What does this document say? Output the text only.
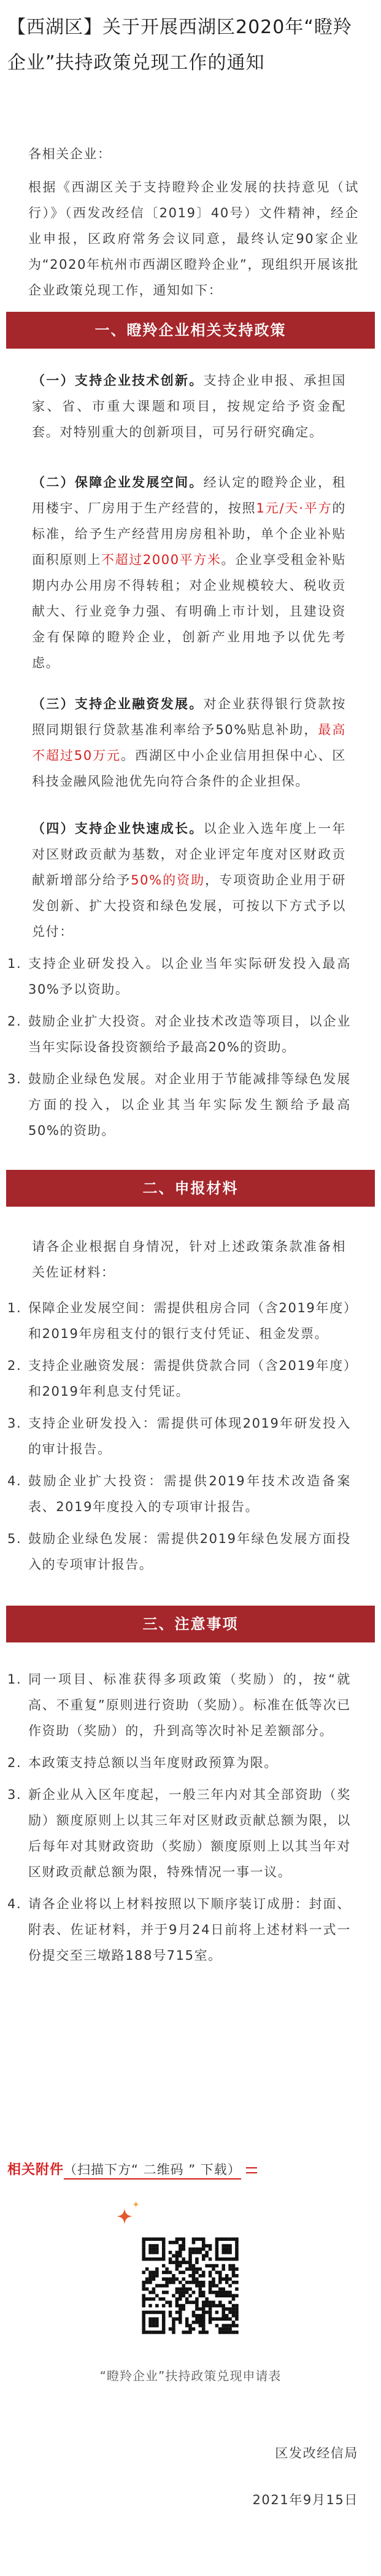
【西湖区】关于开展西湖区2020年“瞪羚企业”扶持政策兑现工作的通知
各相关企业：

根据《西湖区关于支持瞪羚企业发展的扶持意见（试行）》（西发改经信〔2019〕40号）文件精神，经企业申报，区政府常务会议同意，最终认定90家企业为“2020年杭州市西湖区瞪羚企业”，现组织开展该批企业政策兑现工作，通知如下：

一、瞪羚企业相关支持政策

（一）支持企业技术创新。支持企业申报、承担国家、省、市重大课题和项目，按规定给予资金配套。对特别重大的创新项目，可另行研究确定。

（二）保障企业发展空间。经认定的瞪羚企业，租用楼宇、厂房用于生产经营的，按照1元/天·平方的标准，给予生产经营用房房租补助，单个企业补贴面积原则上不超过2000平方米。企业享受租金补贴期内办公用房不得转租；对企业规模较大、税收贡献大、行业竞争力强、有明确上市计划，且建设资金有保障的瞪羚企业，创新产业用地予以优先考虑。

（三）支持企业融资发展。对企业获得银行贷款按照同期银行贷款基准利率给予50%贴息补助，最高不超过50万元。西湖区中小企业信用担保中心、区科技金融风险池优先向符合条件的企业担保。

（四）支持企业快速成长。以企业入选年度上一年对区财政贡献为基数，对企业评定年度对区财政贡献新增部分给予50%的资助，专项资助企业用于研发创新、扩大投资和绿色发展，可按以下方式予以兑付：

1. 支持企业研发投入。以企业当年实际研发投入最高30%予以资助。
2. 鼓励企业扩大投资。对企业技术改造等项目，以企业当年实际设备投资额给予最高20%的资助。
3. 鼓励企业绿色发展。对企业用于节能减排等绿色发展方面的投入，以企业其当年实际发生额给予最高50%的资助。
二、申报材料

请各企业根据自身情况，针对上述政策条款准备相关佐证材料：

1. 保障企业发展空间：需提供租房合同（含2019年度）和2019年房租支付的银行支付凭证、租金发票。
2. 支持企业融资发展：需提供贷款合同（含2019年度）和2019年利息支付凭证。
3. 支持企业研发投入：需提供可体现2019年研发投入的审计报告。
4. 鼓励企业扩大投资：需提供2019年技术改造备案表、2019年度投入的专项审计报告。
5. 鼓励企业绿色发展：需提供2019年绿色发展方面投入的专项审计报告。
三、注意事项
1. 同一项目、标准获得多项政策（奖励）的，按“就高、不重复”原则进行资助（奖励）。标准在低等次已作资助（奖励）的，升到高等次时补足差额部分。
2. 本政策支持总额以当年度财政预算为限。
3. 新企业从入区年度起，一般三年内对其全部资助（奖励）额度原则上以其三年对区财政贡献总额为限，以后每年对其财政资助（奖励）额度原则上以其当年对区财政贡献总额为限，特殊情况一事一议。
4. 请各企业将以上材料按照以下顺序装订成册：封面、附表、佐证材料，并于9月24日前将上述材料一式一份提交至三墩路188号715室。
相关附件（扫描下方“ 二维码 ” 下载）
“瞪羚企业”扶持政策兑现申请表
区发改经信局
2021年9月15日
